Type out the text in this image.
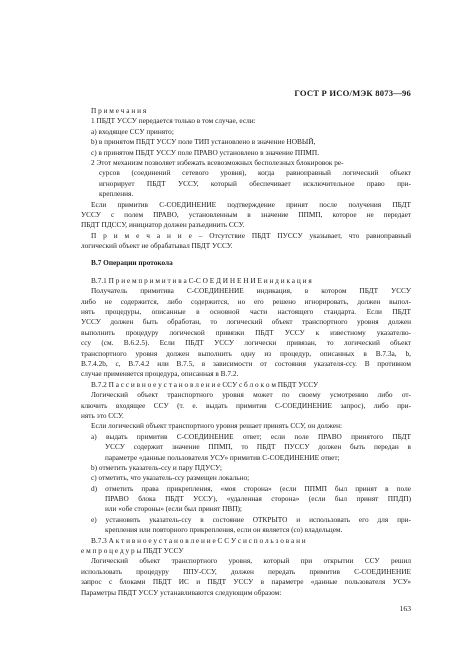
ГОСТ Р ИСО/МЭК 8073—96
П р и м е ч а н и я
1 ПБДТ УССУ передается только в том случае, если:
a) входящее ССУ принято;
b) в принятом ПБДТ УССУ поле ТИП установлено в значение НОВЫЙ,
c) в принятом ПБДТ УССУ поле ПРАВО установлено в значение ППМП.
2 Этот механизм позволяет избежать всевозможных бесполезных блокировок ре-
сурсов (соединений сетевого уровня), когда равноправный логический объект
игнорирует ПБДТ УССУ, который обеспечивает исключительное право при-
крепления.
Если примитив С-СОЕДИНЕНИЕ подтверждение принят после получения ПБДТ
УССУ с полем ПРАВО, установленным в значение ППМП, которое не передает
ПБДТ ПДССУ, инициатор должен разъединить ССУ.
П р и м е ч а н и е – Отсутствие ПБДТ ПУССУ указывает, что равноправный
логический объект не обрабатывал ПБДТ УССУ.
B.7 Операции протокола
B.7.1 П р и е м п р и м и т и в а С-С О Е Д И Н Е Н И Е и н д и к а ц и я
Получатель примитива С-СОЕДИНЕНИЕ индикация, в котором ПБДТ УССУ
либо не содержится, либо содержится, но его решено игнорировать, должен выпол-
нять процедуры, описанные в основной части настоящего стандарта. Если ПБДТ
УССУ должен быть обработан, то логический объект транспортного уровня должен
выполнить процедуру логической привязки ПБДТ УССУ к известному указателю-
ссу (см. B.6.2.5). Если ПБДТ УССУ логически привязан, то логический объект
транспортного уровня должен выполнить одну из процедур, описанных в B.7.3a, b,
B.7.4.2b, c, B.7.4.2 или B.7.5, в зависимости от состояния указателя-ссу. В противном
случае применяется процедура, описанная в B.7.2.
B.7.2 П а с с и в н о е у с т а н о в л е н и е ССУ с б л о к о м ПБДТ УССУ
Логический объект транспортного уровня может по своему усмотрению либо от-
ключить входящее ССУ (т. е. выдать примитив С-СОЕДИНЕНИЕ запрос), либо при-
нять это ССУ.
Если логический объект транспортного уровня решает принять ССУ, он должен:
a) выдать примитив С-СОЕДИНЕНИЕ ответ; если поле ПРАВО принятого ПБДТ
УССУ содержит значение ППМП, то ПБДТ ПУССУ должен быть передан в
параметре «данные пользователя УСУ» примитив С-СОЕДИНЕНИЕ ответ;
b) отметить указатель-ссу и пару ПДУСУ;
c) отметить, что указатель-ссу размещен локально;
d) отметить права прикрепления, «моя сторона» (если ППМП был принят в поле
ПРАВО блока ПБДТ УССУ), «удаленная сторона» (если был принят ППДП)
или «обе стороны» (если был принят ПВП);
e) установить указатель-ссу в состояние ОТКРЫТО и использовать его для при-
крепления или повторного прикрепления, если он является (со) владельцем.
B.7.3 А к т и в н о е у с т а н о в л е н и е С С У с и с п о л ь з о в а н и
е м п р о ц е д у р ы ПБДТ УССУ
Логический объект транспортного уровня, который при открытии ССУ решил
использовать процедуру ППУ-ССУ, должен передать примитив С-СОЕДИНЕНИЕ
запрос с блоками ПБДТ ИС и ПБДТ УССУ в параметре «данные пользователя УСУ»
Параметры ПБДТ УССУ устанавливаются следующим образом:
163
